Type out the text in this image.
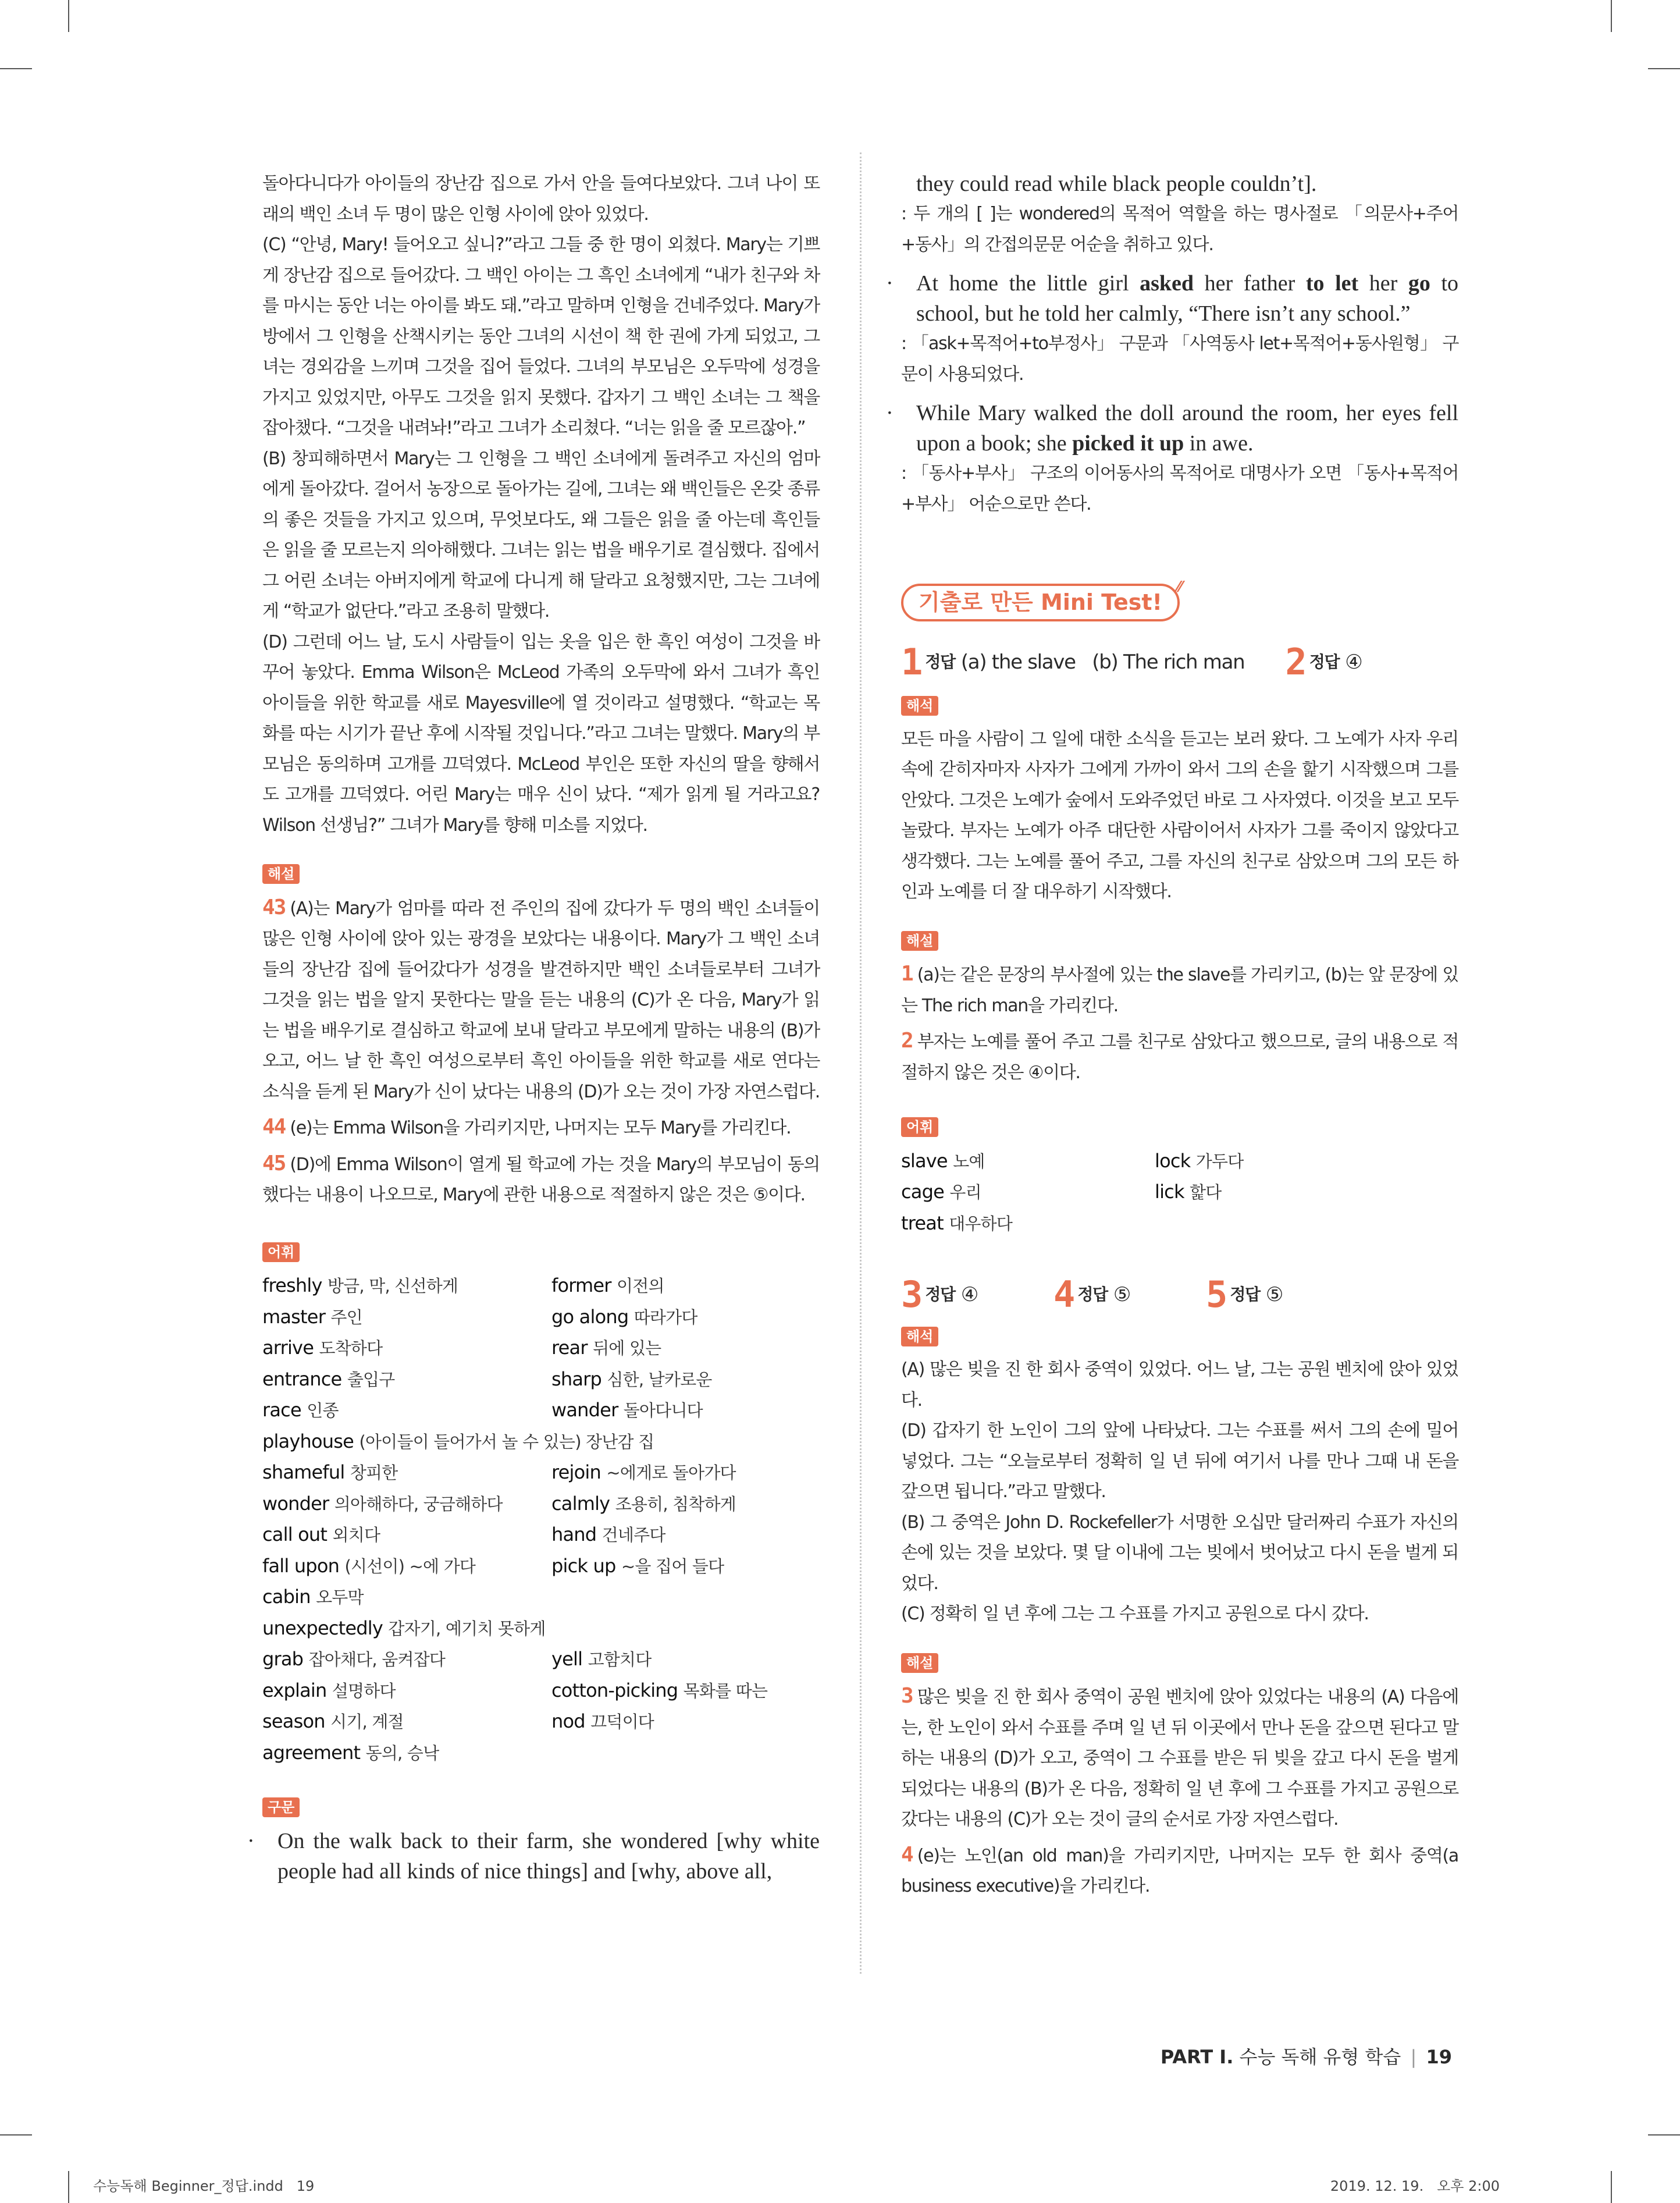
돌아다니다가 아이들의 장난감 집으로 가서 안을 들여다보았다. 그녀 나이 또래의 백인 소녀 두 명이 많은 인형 사이에 앉아 있었다.

(C) “안녕, Mary! 들어오고 싶니?”라고 그들 중 한 명이 외쳤다. Mary는 기쁘게 장난감 집으로 들어갔다. 그 백인 아이는 그 흑인 소녀에게 “내가 친구와 차를 마시는 동안 너는 아이를 봐도 돼.”라고 말하며 인형을 건네주었다. Mary가 방에서 그 인형을 산책시키는 동안 그녀의 시선이 책 한 권에 가게 되었고, 그녀는 경외감을 느끼며 그것을 집어 들었다. 그녀의 부모님은 오두막에 성경을 가지고 있었지만, 아무도 그것을 읽지 못했다. 갑자기 그 백인 소녀는 그 책을 잡아챘다. “그것을 내려놔!”라고 그녀가 소리쳤다. “너는 읽을 줄 모르잖아.”

(B) 창피해하면서 Mary는 그 인형을 그 백인 소녀에게 돌려주고 자신의 엄마에게 돌아갔다. 걸어서 농장으로 돌아가는 길에, 그녀는 왜 백인들은 온갖 종류의 좋은 것들을 가지고 있으며, 무엇보다도, 왜 그들은 읽을 줄 아는데 흑인들은 읽을 줄 모르는지 의아해했다. 그녀는 읽는 법을 배우기로 결심했다. 집에서 그 어린 소녀는 아버지에게 학교에 다니게 해 달라고 요청했지만, 그는 그녀에게 “학교가 없단다.”라고 조용히 말했다.

(D) 그런데 어느 날, 도시 사람들이 입는 옷을 입은 한 흑인 여성이 그것을 바꾸어 놓았다. Emma Wilson은 McLeod 가족의 오두막에 와서 그녀가 흑인 아이들을 위한 학교를 새로 Mayesville에 열 것이라고 설명했다. “학교는 목화를 따는 시기가 끝난 후에 시작될 것입니다.”라고 그녀는 말했다. Mary의 부모님은 동의하며 고개를 끄덕였다. McLeod 부인은 또한 자신의 딸을 향해서도 고개를 끄덕였다. 어린 Mary는 매우 신이 났다. “제가 읽게 될 거라고요? Wilson 선생님?” 그녀가 Mary를 향해 미소를 지었다.

해설

43 (A)는 Mary가 엄마를 따라 전 주인의 집에 갔다가 두 명의 백인 소녀들이 많은 인형 사이에 앉아 있는 광경을 보았다는 내용이다. Mary가 그 백인 소녀들의 장난감 집에 들어갔다가 성경을 발견하지만 백인 소녀들로부터 그녀가 그것을 읽는 법을 알지 못한다는 말을 듣는 내용의 (C)가 온 다음, Mary가 읽는 법을 배우기로 결심하고 학교에 보내 달라고 부모에게 말하는 내용의 (B)가 오고, 어느 날 한 흑인 여성으로부터 흑인 아이들을 위한 학교를 새로 연다는 소식을 듣게 된 Mary가 신이 났다는 내용의 (D)가 오는 것이 가장 자연스럽다.

44 (e)는 Emma Wilson을 가리키지만, 나머지는 모두 Mary를 가리킨다.

45 (D)에 Emma Wilson이 열게 될 학교에 가는 것을 Mary의 부모님이 동의했다는 내용이 나오므로, Mary에 관한 내용으로 적절하지 않은 것은 ⑤이다.

어휘
freshly 방금, 막, 신선하게	former 이전의
master 주인	go along 따라가다
arrive 도착하다	rear 뒤에 있는
entrance 출입구	sharp 심한, 날카로운
race 인종	wander 돌아다니다
playhouse (아이들이 들어가서 놀 수 있는) 장난감 집
shameful 창피한	rejoin ~에게로 돌아가다
wonder 의아해하다, 궁금해하다	calmly 조용히, 침착하게
call out 외치다	hand 건네주다
fall upon (시선이) ~에 가다	pick up ~을 집어 들다
cabin 오두막
unexpectedly 갑자기, 예기치 못하게
grab 잡아채다, 움켜잡다	yell 고함치다
explain 설명하다	cotton-picking 목화를 따는
season 시기, 계절	nod 끄덕이다
agreement 동의, 승낙
구문

· On the walk back to their farm, she wondered [why white people had all kinds of nice things] and [why, above all,

they could read while black people couldn’t].

: 두 개의 [ ]는 wondered의 목적어 역할을 하는 명사절로 「의문사+주어+동사」의 간접의문문 어순을 취하고 있다.

· At home the little girl asked her father to let her go to school, but he told her calmly, “There isn’t any school.”

: 「ask+목적어+to부정사」 구문과 「사역동사 let+목적어+동사원형」 구문이 사용되었다.

· While Mary walked the doll around the room, her eyes fell upon a book; she picked it up in awe.

: 「동사+부사」 구조의 이어동사의 목적어로 대명사가 오면 「동사+목적어+부사」 어순으로만 쓴다.

기출로 만든 Mini Test!
⁄⁄
1 정답 (a) the slave   (b) The rich man 2 정답 ④
해석

모든 마을 사람이 그 일에 대한 소식을 듣고는 보러 왔다. 그 노예가 사자 우리 속에 갇히자마자 사자가 그에게 가까이 와서 그의 손을 핥기 시작했으며 그를 안았다. 그것은 노예가 숲에서 도와주었던 바로 그 사자였다. 이것을 보고 모두 놀랐다. 부자는 노예가 아주 대단한 사람이어서 사자가 그를 죽이지 않았다고 생각했다. 그는 노예를 풀어 주고, 그를 자신의 친구로 삼았으며 그의 모든 하인과 노예를 더 잘 대우하기 시작했다.

해설

1 (a)는 같은 문장의 부사절에 있는 the slave를 가리키고, (b)는 앞 문장에 있는 The rich man을 가리킨다.

2 부자는 노예를 풀어 주고 그를 친구로 삼았다고 했으므로, 글의 내용으로 적절하지 않은 것은 ④이다.

어휘
slave 노예	lock 가두다
cage 우리	lick 핥다
treat 대우하다
3 정답 ④ 4 정답 ⑤ 5 정답 ⑤
해석

(A) 많은 빚을 진 한 회사 중역이 있었다. 어느 날, 그는 공원 벤치에 앉아 있었다.

(D) 갑자기 한 노인이 그의 앞에 나타났다. 그는 수표를 써서 그의 손에 밀어 넣었다. 그는 “오늘로부터 정확히 일 년 뒤에 여기서 나를 만나 그때 내 돈을 갚으면 됩니다.”라고 말했다.

(B) 그 중역은 John D. Rockefeller가 서명한 오십만 달러짜리 수표가 자신의 손에 있는 것을 보았다. 몇 달 이내에 그는 빚에서 벗어났고 다시 돈을 벌게 되었다.

(C) 정확히 일 년 후에 그는 그 수표를 가지고 공원으로 다시 갔다.

해설

3 많은 빚을 진 한 회사 중역이 공원 벤치에 앉아 있었다는 내용의 (A) 다음에는, 한 노인이 와서 수표를 주며 일 년 뒤 이곳에서 만나 돈을 갚으면 된다고 말하는 내용의 (D)가 오고, 중역이 그 수표를 받은 뒤 빚을 갚고 다시 돈을 벌게 되었다는 내용의 (B)가 온 다음, 정확히 일 년 후에 그 수표를 가지고 공원으로 갔다는 내용의 (C)가 오는 것이 글의 순서로 가장 자연스럽다.

4 (e)는 노인(an old man)을 가리키지만, 나머지는 모두 한 회사 중역(a business executive)을 가리킨다.

PART Ⅰ. 수능 독해 유형 학습 | 19
수능독해 Beginner_정답.indd   19	2019. 12. 19.   오후 2:00
